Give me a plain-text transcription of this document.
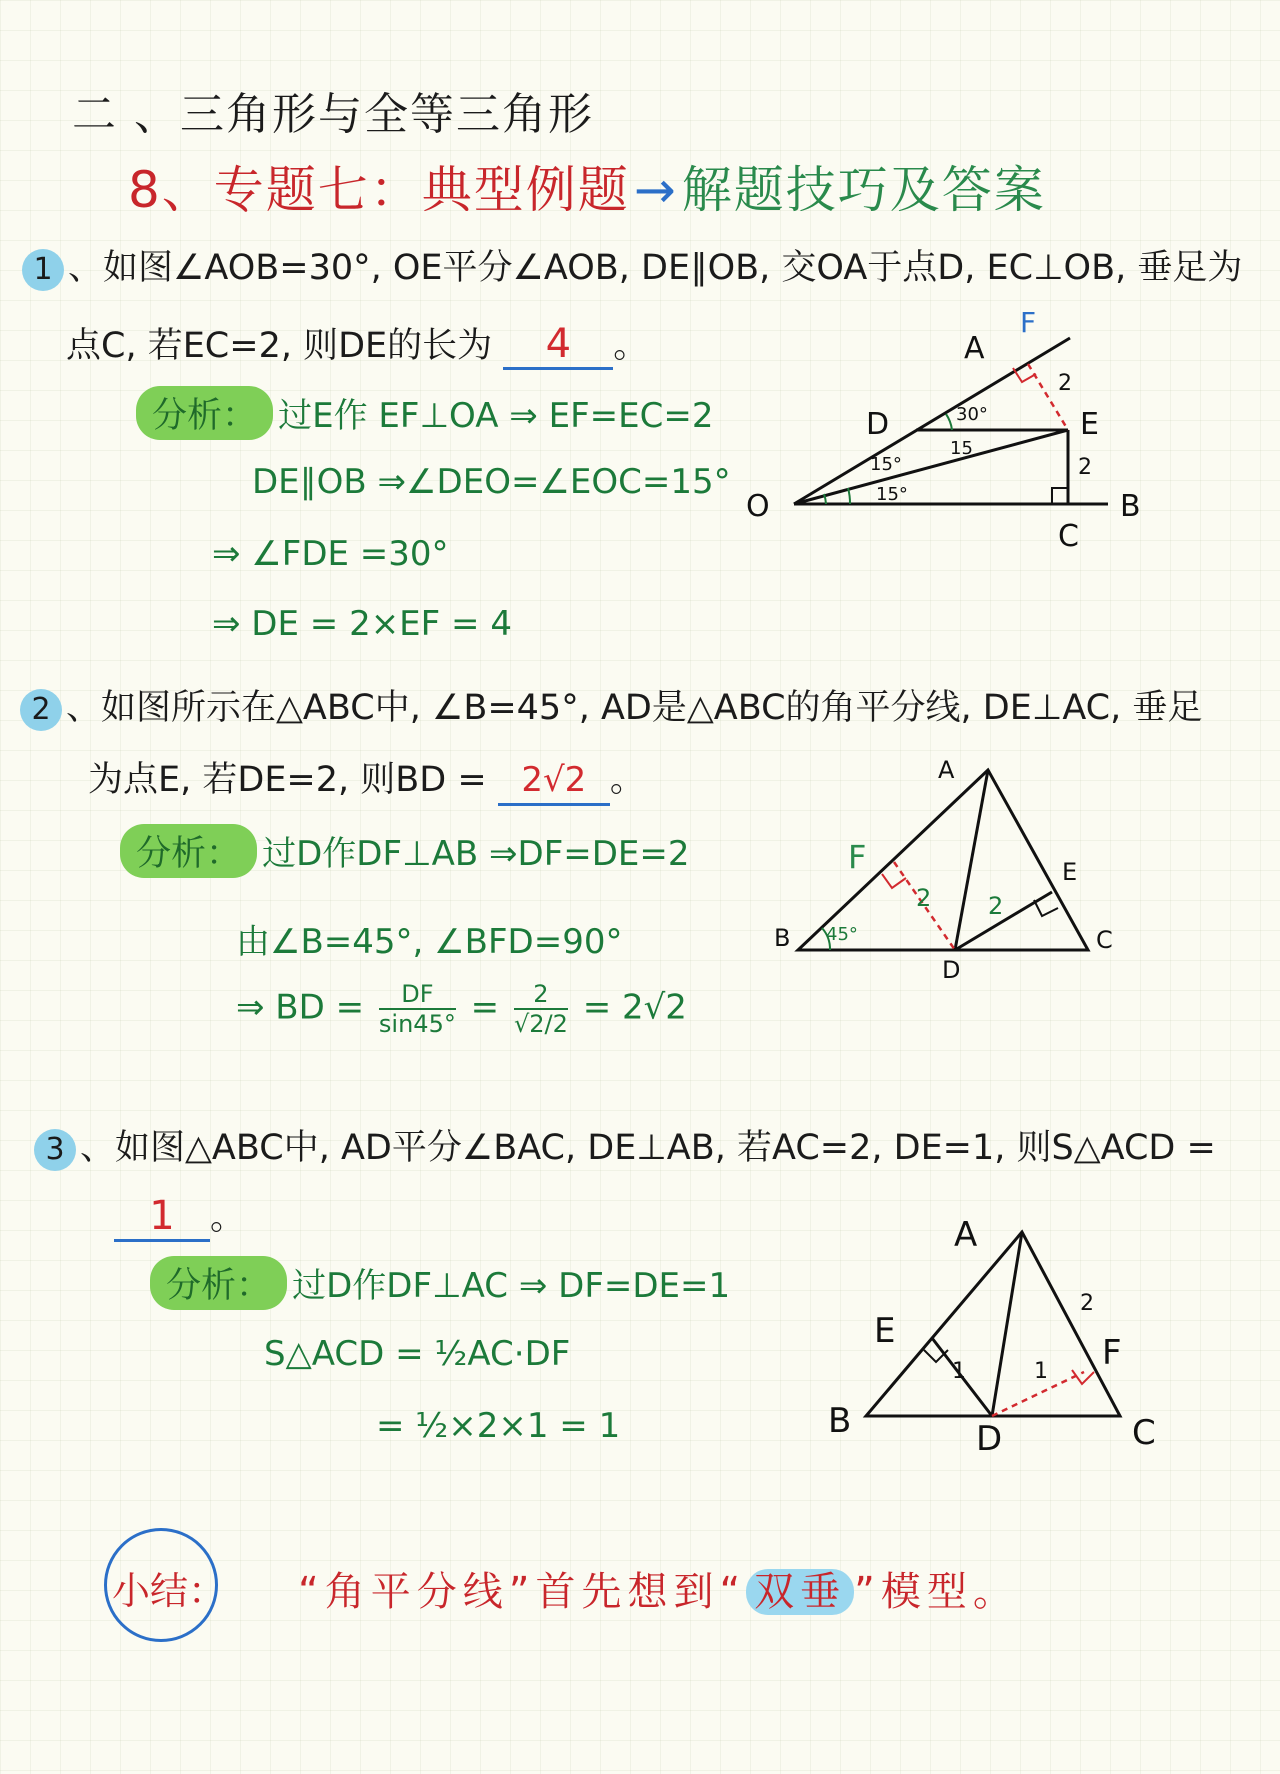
二 、三角形与全等三角形
8、专题七：典型例题→解题技巧及答案
1 、如图∠AOB=30°, OE平分∠AOB, DE∥OB, 交OA于点D, EC⊥OB, 垂足为
点C, 若EC=2, 则DE的长为 4 。
分析： 过E作 EF⊥OA ⇒ EF=EC=2
DE∥OB ⇒∠DEO=∠EOC=15°
⇒ ∠FDE =30°
⇒ DE = 2×EF = 4
O
A
F
D	E
B
C
30°
15
15°
15°
2
2
2 、如图所示在△ABC中, ∠B=45°, AD是△ABC的角平分线, DE⊥AC, 垂足
为点E, 若DE=2, 则BD = 2√2 。
分析： 过D作DF⊥AB ⇒DF=DE=2
由∠B=45°, ∠BFD=90°
⇒ BD = $\frac{DF}{\sin 45^\circ} = \frac{2}{√2/2} = 2√2$
A
B	C
D
E
F
45°
2 2
3 、如图△ABC中, AD平分∠BAC, DE⊥AB, 若AC=2, DE=1, 则S△ACD =
1 。
分析： 过D作DF⊥AC ⇒ DF=DE=1
S△ACD = ½AC·DF
= ½×2×1 = 1
A
B	C
D
E
F
2
1	1
小结： “角平分线”首先想到“ 双垂 ”模型。
